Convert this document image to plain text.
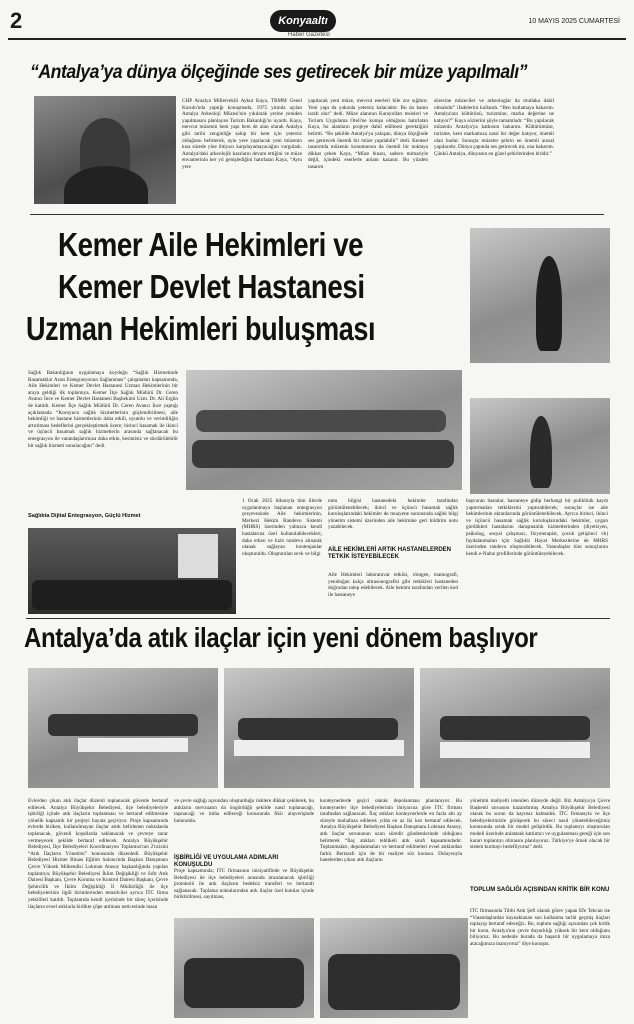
2	Konyaaltı
Haber Gazetesi
10 MAYIS 2025 CUMARTESİ
“Antalya’ya dünya ölçeğinde ses getirecek bir müze yapılmalı”
CHP Antalya Milletvekili Aykut Kaya, TBMM Genel Kurulu'nda yaptığı konuşmada, 1975 yılında açılan Antalya Arkeoloji Müzesi'nin yıkılarak yerine yeniden yapılmasını planlayan Turizm Bakanlığı'nı uyardı. Kaya, mevcut müzenin hem yapı hem de alan olarak Antalya gibi tarihi zenginliğe sahip bir kent için yetersiz olduğunu belirterek, aynı yere yapılacak yeni müzenin kısa sürede yine ihtiyacı karşılayamayacağını vurguladı. Antalya'daki arkeolojik kazıların devam ettiğini ve müze envanterinin her yıl genişlediğini hatırlatan Kaya, “Aynı yere
yapılacak yeni müze, mevcut eserleri bile zor sığdırır. Yeni yapı da yakında yetersiz kalacaktır. Bu da kamu israfı olur” dedi. Müze alanının Karayolları tesisleri ve Torium Uygulama Oteli'ne komşu olduğunu hatırlatan Kaya, bu alanların projeye dahil edilmesi gerektiğini belirtti. “Bu şekilde Antalya'ya yakışan, dünya ölçeğinde ses getirecek önemli bir müze yapılabilir” dedi. Kentsel tasarımda müzenin konumunun da önemli bir noktaya dikkat çeken Kaya, “Müze binası, sadece mimariyle değil, içindeki eserlerle anlam kazanır. Bu yüzden tasarım
sürecine müzeciler ve arkeologlar da mutlaka dahil olmalıdır” ifadelerini kullandı. “Ben kutlamaya bakarım. Antalya'nın kültürünü, turizmine, marka değerine ne katıyor?” Kaya sözlerini şöyle tamamladı: “Bu yapılacak müzenin Antalya'ya katkısını bakarım. Kültürümüze, turizme, kent markamıza nasıl bir değer katıyor, önemli olan budur. Sonuçta müzeler şehrin en önemli anısal yapılarıdır. Dünya çapında ses getirecek mi, ona bakarım. Çünkü Antalya, dünyanın en güzel şehirlerinden biridir.”
Kemer Aile Hekimleri ve
Kemer Devlet Hastanesi
Uzman Hekimleri buluşması
Sağlık Bakanlığının uygulamaya koyduğu “Sağlık Hizmetinde Basamaklar Arası Entegrasyonun Sağlanması” çalışmaları kapsamında, Aile Hekimleri ve Kemer Devlet Hastanesi Uzman Hekimlerinin bir araya geldiği ilk toplantıya, Kemer İlçe Sağlık Müdürü Dr. Ceren Avancı İnce ve Kemer Devlet Hastanesi Başhekimi Uzm. Dr. Ali Ergün de katıldı. Kemer İlçe Sağlık Müdürü Dr. Ceren Avancı İnce yaptığı açıklamada “Koruyucu sağlık hizmetlerinin güçlendirilmesi, aile hekimliği ve hastane hizmetlerinin daha etkili, uyumlu ve verimliliğin artırılması hedeflerini gerçekleştirmek üzere; birinci basamak ile ikinci ve üçüncü basamak sağlık hizmetlerin arasında sağlanacak bu entegrasyon ile vatandaşlarımıza daha etkin, kesintisiz ve sürdürülebilir bir sağlık hizmeti sunulacağını” dedi.
Sağlıkta Dijital Entegrasyon, Güçlü Hizmet
1 Ocak 2025 itibarıyla tüm illerde uygulanmaya başlanan entegrasyon çerçevesinde Aile hekimlerinin, Merkezi Hekim Randevu Sistemi (MHRS) üzerinden yalnızca kendi hastalarına özel kullanılabilecekleri, daha erken ve hızlı randevu alınarak olanak sağlayan kontenjanlar oluşturuldu. Oluşturulan sevk ve bilgi
notu bilgisi hastanedeki hekimler tarafından görüntülenebilecek; ikinci ve üçüncü basamak sağlık kuruluşlarındaki hekimler de muayene sonrasında sağlık bilgi yönetim sistemi üzerinden aile hekimine geri bildirim notu yazabilecek.
AİLE HEKİMLERİ ARTIK HASTANELERDEN TETKİK İSTEYEBİLECEK
Aile Hekimleri laboratuvar tetkiki, röntgen, mamografi, yenidoğan kalça ultrasonografisi gibi tetkikleri hastaneden doğrudan talep edebilecek. Aile hekimi tarafından verilen kod ile hastaneye
başvuran hastalar, hastaneye gidip herhangi bir poliklinik kaydı yaptırmadan tetkiklerini yaptırabilecek; sonuçlar ise aile hekimlerinin ekranlarında görüntülenebilecek. Ayrıca birinci, ikinci ve üçüncü basamak sağlık kuruluşlarındaki hekimler, uygun gördükleri hastalarını danışmanlık hizmetlerinden (diyetisyen, psikolog, sosyal çalışmacı, fizyoterapist, çocuk gelişimci vb) faydalanmaları için Sağlıklı Hayat Merkezlerine de MHRS üzerinden randevu oluşturabilecek. Vatandaşlar tüm sonuçlarını kendi e-Nabız profillerinde görüntüleyebilecek.
Antalya’da atık ilaçlar için yeni dönem başlıyor
Evlerden çıkan atık ilaçlar düzenli toplanacak güvenle bertaraf edilecek. Antalya Büyükşehir Belediyesi, ilçe belediyeleriyle işbirliği içinde atık ilaçların toplanması ve bertaraf edilmesine yönelik kapsamlı bir projeyi hayata geçiriyor. Proje kapsamında evlerde biriken, kullanılmayan ilaçlar artık belirlenen noktalarda toplanacak, güvenli koşullarda saklanacak ve çevreye zarar vermeyecek şekilde bertaraf edilecek. Antalya Büyükşehir Belediyesi, İlçe Belediyeleri Koordinasyon Toplantısı'nın 2'ncisini “Atık İlaçların Yönetimi” konusunda düzenledi. Büyükşehir Belediyesi Hizmet Binası Eğitim Salonu'nda Başkan Danışmanı Çevre Yüksek Mühendisi Lokman Atasoy başkanlığında yapılan toplantıya; Büyükşehir Belediyesi İklim Değişikliği ve Sıfır Atık Dairesi Başkanı, Çevre Koruma ve Kontrol Dairesi Başkanı, Çevre Şehircilik ve İklim Değişikliği İl Müdürlüğü ile ilçe belediyelerinin ilgili birimlerinden temsilciler ayrıca İTC firma yetkilileri katıldı. Toplantıda kendi içerisinde bir süreç içerisinde ilaçların evsel atıklarla birlikte çöpe atılması neticesinde insan
ve çevre sağlığı açısından oluşturduğu risklere dikkat çekilerek, bu atıkların mevzuatın da öngördüğü şekilde nasıl toplanacağı, taşınacağı ve imha edileceği konusunda fikir alışverişinde bulunuldu.
İŞBİRLİĞİ VE UYGULAMA ADIMLARI KONUŞULDU
Proje kapsamında; İTC firmasının inisiyatifinde ve Büyükşehir Belediyesi ile ilçe belediyeleri arasında imzalanacak işbirliği protokolü ile atık ilaçların bedelsiz transferi ve bertarafı sağlanacak. Toplama noktalarından atık ilaçlar özel kutular içinde biriktirilmesi, sayılması,
konteynerlerde geçici olarak depolanması planlanıyor. Bu konteynerler ilçe belediyelerinin ihtiyacına göre İTC firması tarafından sağlanacak. İlaç atıkları konteynerlerde en fazla altı ay süreyle muhafaza edilerek yılda en az iki kez bertaraf edilecek. Antalya Büyükşehir Belediyesi Başkan Danışmanı Lokman Atasoy, atık ilaçlar sorununun uzun süredir gündemlerinde olduğunu belirterek “İlaç atıkları tehlikeli atık sınıfı kapsamındadır. Toplanmaları, depolanmaları ve bertaraf edilmeleri evsel atıklardan farklı. Bertarafı için de bir maliyet söz konusu. Dolayısıyla hanelerden çıkan atık ilaçların
yönetimi maliyetli istenilen düzeyde değil. Biz Antalya'ya Çevre Başkenti unvanını kazandırmış Antalya Büyükşehir Belediyesi olarak bu sorun da kayıtsız kalmadık. İTC firmasıyla ve ilçe belediyelerimizle görüşerek bu süreci nasıl yönetebileceğimiz konusunda ortak bir model geliştirdik. Bu toplantıyı oluşturulan modeli üzerinde anlatarak katılımcı ve uygulanması gereği için son kararı toplantıyı olmasını planlıyoruz. Türkiye'ye örnek olacak bir sistem kurmayı hedefliyoruz” dedi.
TOPLUM SAĞLIĞI AÇISINDAN KRİTİK BİR KONU
İTC firmasında Tıbbi Atık Şefi olarak görev yapan Efe Tekcan ise “Vatandaşlardan kaynaklanan son kullanma tarihi geçmiş ilaçları toplayıp bertaraf edeceğiz. Bu, toplum sağlığı açısından çok kritik bir konu. Antalya'nın çevre duyarlılığı yüksek bir kent olduğunu biliyoruz. Bu nedenle burada da başarılı bir uygulamaya imza atacağımıza inanıyoruz” diye konuştu.
